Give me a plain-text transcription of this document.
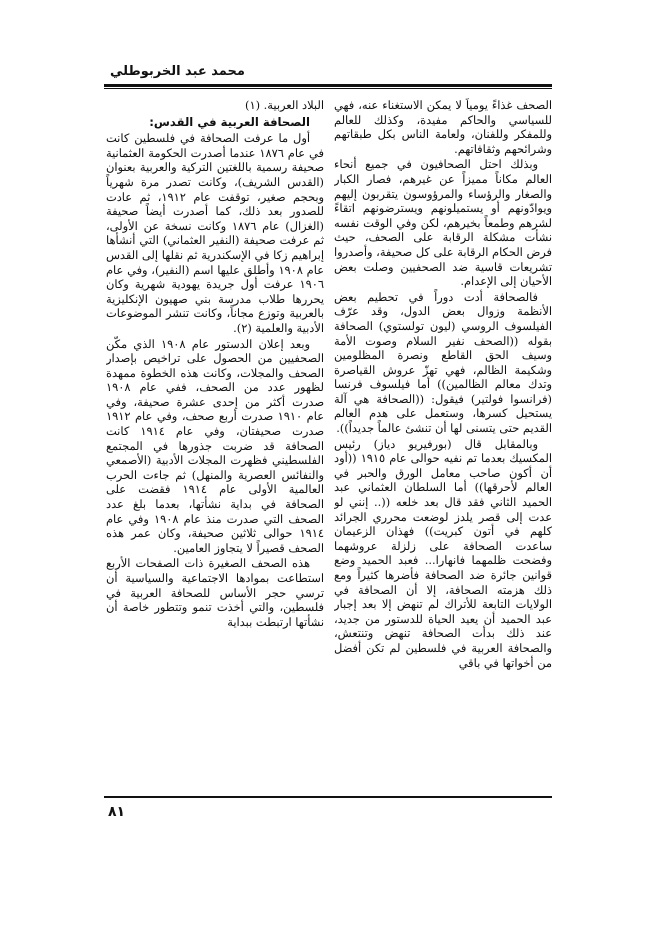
محمد عبد الخربوطلي

الصحف غذاءً يومياً لا يمكن الاستغناء عنه، فهي للسياسي والحاكم مفيدة، وكذلك للعالم وللمفكر وللفنان، ولعامة الناس بكل طبقاتهم وشرائحهم وثقافاتهم.

وبذلك احتل الصحافيون في جميع أنحاء العالم مكاناً مميزاً عن غيرهم، فصار الكبار والصغار والرؤساء والمرؤوسون يتقربون إليهم ويوادّونهم أو يستميلونهم ويسترضونهم اتقاءً لشرهم وطمعاً بخيرهم، لكن وفي الوقت نفسه نشأت مشكلة الرقابة على الصحف، حيث فرض الحكام الرقابة على كل صحيفة، وأصدروا تشريعات قاسية ضد الصحفيين وصلت بعض الأحيان إلى الإعدام.

فالصحافة أدت دوراً في تحطيم بعض الأنظمة وزوال بعض الدول، وقد عرّف الفيلسوف الروسي (ليون تولستوي) الصحافة بقوله ((الصحف نفير السلام وصوت الأمة وسيف الحق القاطع ونصرة المظلومين وشكيمة الظالم، فهي تهزّ عروش القياصرة وتدك معالم الظالمين)) أما فيلسوف فرنسا (فرانسوا فولتير) فيقول: ((الصحافة هي آلة يستحيل كسرها، وستعمل على هدم العالم القديم حتى يتسنى لها أن تنشئ عالماً جديداً)).

وبالمقابل قال (بورفيريو دياز) رئيس المكسيك بعدما تم نفيه حوالى عام ١٩١٥ ((أود أن أكون صاحب معامل الورق والحبر في العالم لأحرقها)) أما السلطان العثماني عبد الحميد الثاني فقد قال بعد خلعه ((.. إنني لو عدت إلى قصر يلدز لوضعت محرري الجرائد كلهم في أتون كبريت)) فهذان الزعيمان ساعدت الصحافة على زلزلة عروشهما وفضحت ظلمهما فانهارا... فعبد الحميد وضع قوانين جائرة ضد الصحافة فأضرها كثيراً ومع ذلك هزمته الصحافة، إلا أن الصحافة في الولايات التابعة للأتراك لم تنهض إلا بعد إجبار عبد الحميد أن يعيد الحياة للدستور من جديد، عند ذلك بدأت الصحافة تنهض وتنتعش، والصحافة العربية في فلسطين لم تكن أفضل من أخواتها في باقي

البلاد العربية. (١)

الصحافة العربية في القدس:

أول ما عرفت الصحافة في فلسطين كانت في عام ١٨٧٦ عندما أصدرت الحكومة العثمانية صحيفة رسمية باللغتين التركية والعربية بعنوان (القدس الشريف)، وكانت تصدر مرة شهرياً وبحجم صغير، توقفت عام ١٩١٢، ثم عادت للصدور بعد ذلك، كما أصدرت أيضاً صحيفة (الغزال) عام ١٨٧٦ وكانت نسخة عن الأولى، ثم عرفت صحيفة (النفير العثماني) التي أنشأها إبراهيم زكا في الإسكندرية ثم نقلها إلى القدس عام ١٩٠٨ وأطلق عليها اسم (النفير)، وفي عام ١٩٠٦ عرفت أول جريدة يهودية شهرية وكان يحررها طلاب مدرسة بني صهيون الإنكليزية بالعربية وتوزع مجاناً، وكانت تنشر الموضوعات الأدبية والعلمية (٢).

وبعد إعلان الدستور عام ١٩٠٨ الذي مكّن الصحفيين من الحصول على تراخيص بإصدار الصحف والمجلات، وكانت هذه الخطوة ممهدة لظهور عدد من الصحف، ففي عام ١٩٠٨ صدرت أكثر من إحدى عشرة صحيفة، وفي عام ١٩١٠ صدرت أربع صحف، وفي عام ١٩١٢ صدرت صحيفتان، وفي عام ١٩١٤ كانت الصحافة قد ضربت جذورها في المجتمع الفلسطيني فظهرت المجلات الأدبية (الأصمعي والنفائس العصرية والمنهل) ثم جاءت الحرب العالمية الأولى عام ١٩١٤ فقضت على الصحافة في بداية نشأتها، بعدما بلغ عدد الصحف التي صدرت منذ عام ١٩٠٨ وفي عام ١٩١٤ حوالى ثلاثين صحيفة، وكان عمر هذه الصحف قصيراً لا يتجاوز العامين.

هذه الصحف الصغيرة ذات الصفحات الأربع استطاعت بموادها الاجتماعية والسياسية أن ترسي حجر الأساس للصحافة العربية في فلسطين، والتي أخذت تنمو وتتطور خاصة أن نشأتها ارتبطت ببداية

٨١
